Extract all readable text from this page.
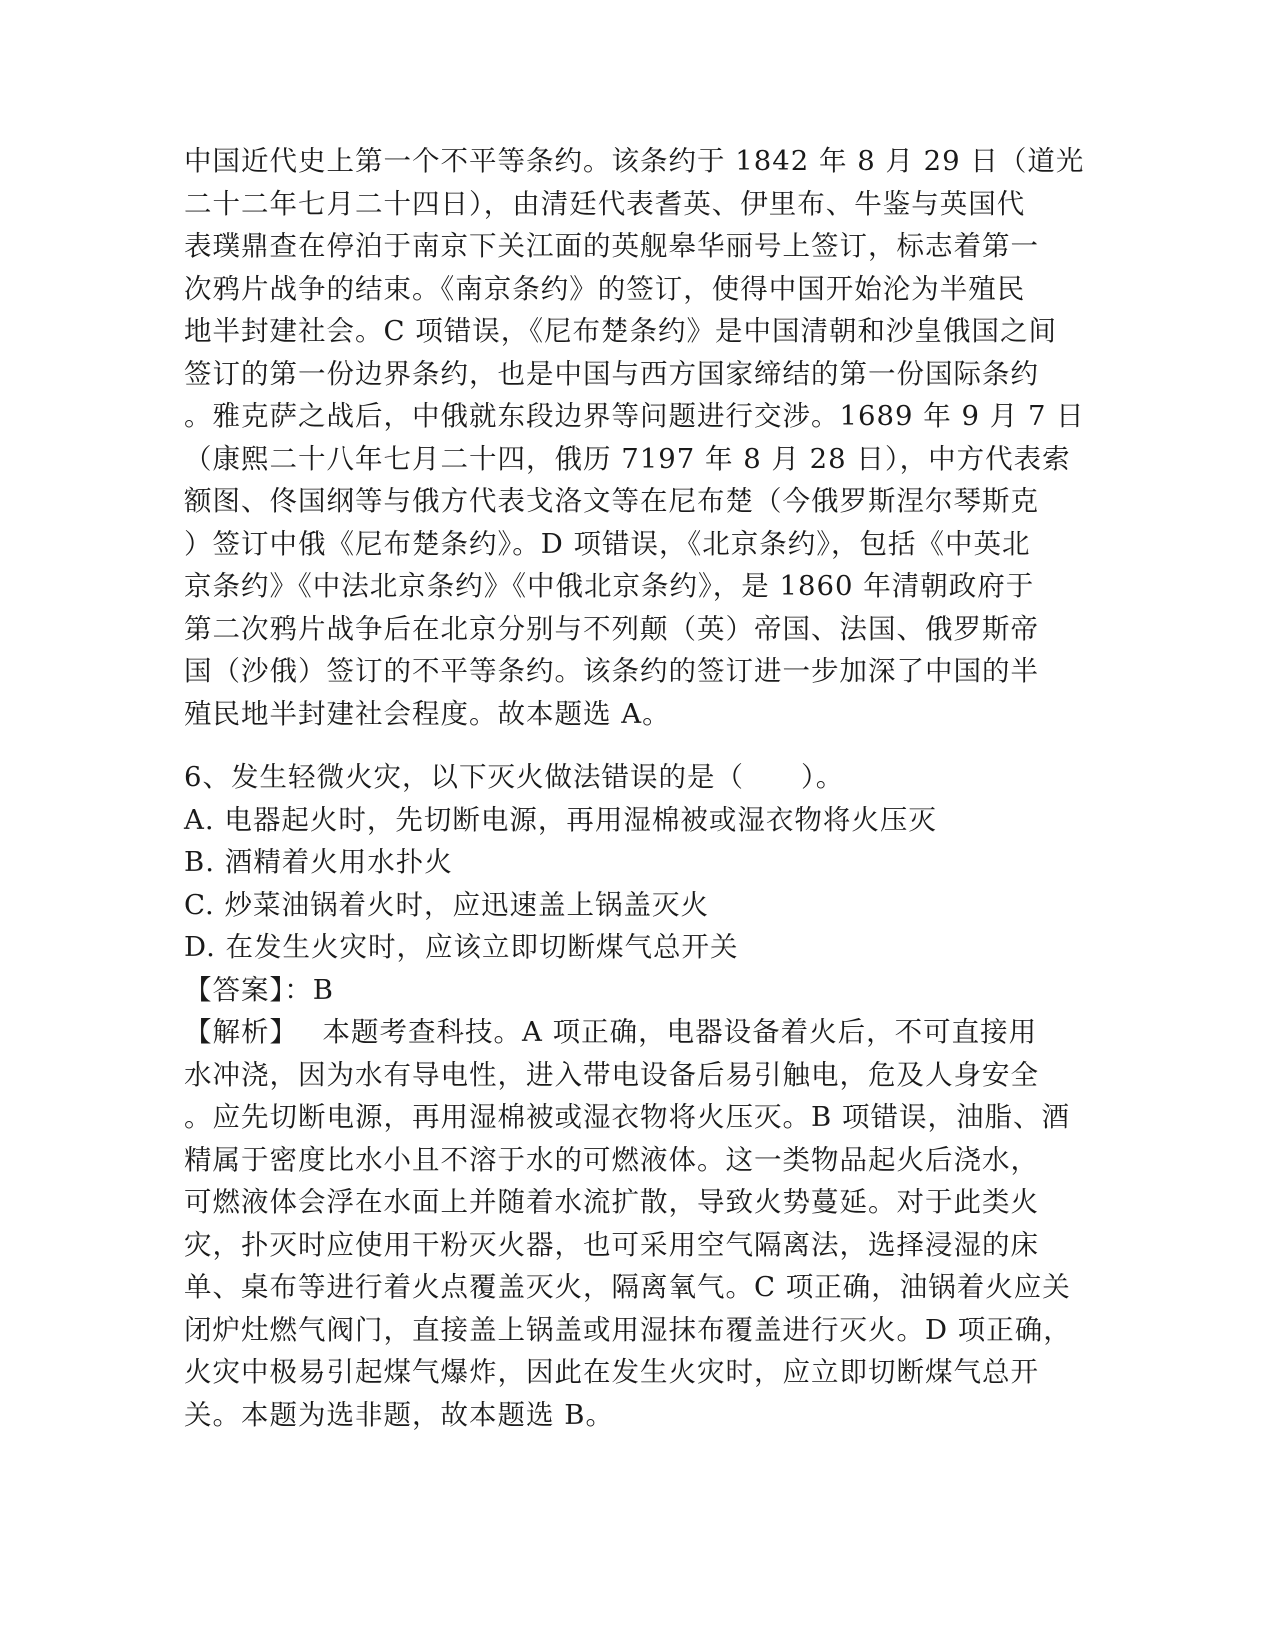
中国近代史上第一个不平等条约。该条约于 1842 年 8 月 29 日（道光
二十二年七月二十四日），由清廷代表耆英、伊里布、牛鉴与英国代
表璞鼎查在停泊于南京下关江面的英舰皋华丽号上签订，标志着第一
次鸦片战争的结束。《南京条约》的签订，使得中国开始沦为半殖民
地半封建社会。C 项错误，《尼布楚条约》是中国清朝和沙皇俄国之间
签订的第一份边界条约，也是中国与西方国家缔结的第一份国际条约
。雅克萨之战后，中俄就东段边界等问题进行交涉。1689 年 9 月 7 日
（康熙二十八年七月二十四，俄历 7197 年 8 月 28 日），中方代表索
额图、佟国纲等与俄方代表戈洛文等在尼布楚（今俄罗斯涅尔琴斯克
）签订中俄《尼布楚条约》。D 项错误，《北京条约》，包括《中英北
京条约》《中法北京条约》《中俄北京条约》，是 1860 年清朝政府于
第二次鸦片战争后在北京分别与不列颠（英）帝国、法国、俄罗斯帝
国（沙俄）签订的不平等条约。该条约的签订进一步加深了中国的半
殖民地半封建社会程度。故本题选 A。
6、发生轻微火灾，以下灭火做法错误的是（　　）。
A. 电器起火时，先切断电源，再用湿棉被或湿衣物将火压灭
B. 酒精着火用水扑火
C. 炒菜油锅着火时，应迅速盖上锅盖灭火
D. 在发生火灾时，应该立即切断煤气总开关
【答案】：B
【解析】　 本题考查科技。A 项正确，电器设备着火后，不可直接用
水冲浇，因为水有导电性，进入带电设备后易引触电，危及人身安全
。应先切断电源，再用湿棉被或湿衣物将火压灭。B 项错误，油脂、酒
精属于密度比水小且不溶于水的可燃液体。这一类物品起火后浇水，
可燃液体会浮在水面上并随着水流扩散，导致火势蔓延。对于此类火
灾，扑灭时应使用干粉灭火器，也可采用空气隔离法，选择浸湿的床
单、桌布等进行着火点覆盖灭火，隔离氧气。C 项正确，油锅着火应关
闭炉灶燃气阀门，直接盖上锅盖或用湿抹布覆盖进行灭火。D 项正确，
火灾中极易引起煤气爆炸，因此在发生火灾时，应立即切断煤气总开
关。本题为选非题，故本题选 B。
